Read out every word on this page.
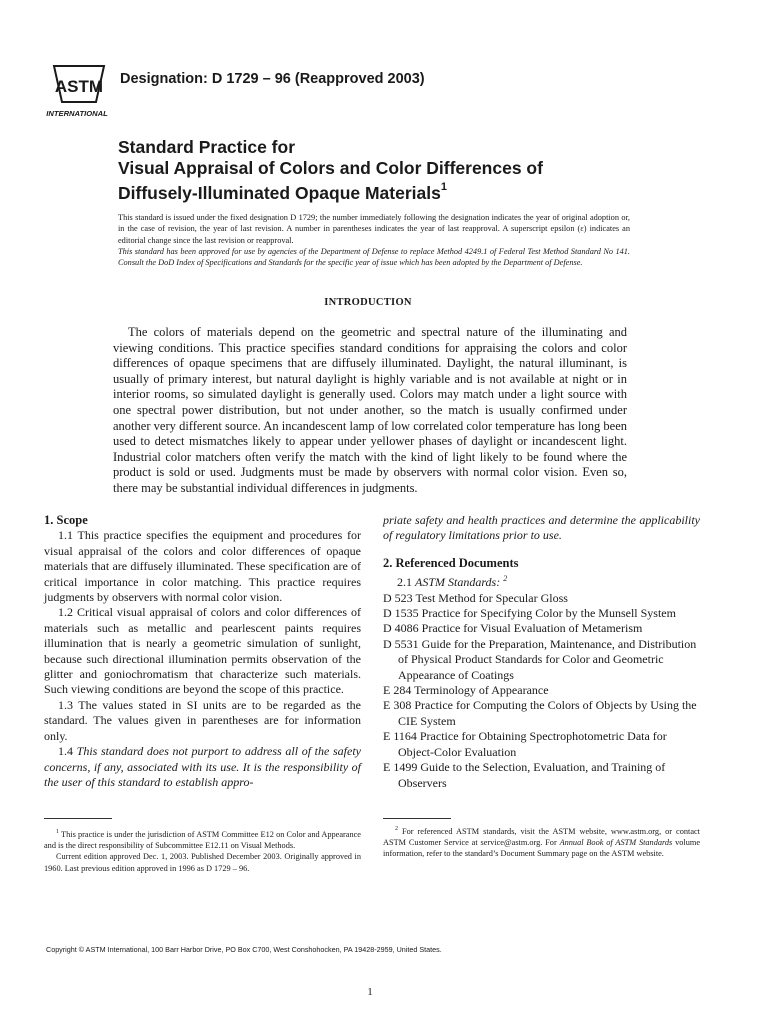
ASTM
INTERNATIONAL
Designation: D 1729 – 96 (Reapproved 2003)
Standard Practice for
Visual Appraisal of Colors and Color Differences of
Diffusely-Illuminated Opaque Materials$^1$

This standard is issued under the fixed designation D 1729; the number immediately following the designation indicates the year of original adoption or, in the case of revision, the year of last revision. A number in parentheses indicates the year of last reapproval. A superscript epsilon (ε) indicates an editorial change since the last revision or reapproval.

This standard has been approved for use by agencies of the Department of Defense to replace Method 4249.1 of Federal Test Method Standard No 141. Consult the DoD Index of Specifications and Standards for the specific year of issue which has been adopted by the Department of Defense.

INTRODUCTION

The colors of materials depend on the geometric and spectral nature of the illuminating and viewing conditions. This practice specifies standard conditions for appraising the colors and color differences of opaque specimens that are diffusely illuminated. Daylight, the natural illuminant, is usually of primary interest, but natural daylight is highly variable and is not available at night or in interior rooms, so simulated daylight is generally used. Colors may match under a light source with one spectral power distribution, but not under another, so the match is usually confirmed under another very different source. An incandescent lamp of low correlated color temperature has long been used to detect mismatches likely to appear under yellower phases of daylight or incandescent light. Industrial color matchers often verify the match with the kind of light likely to be found where the product is sold or used. Judgments must be made by observers with normal color vision. Even so, there may be substantial individual differences in judgments.

1. Scope

1.1 This practice specifies the equipment and procedures for visual appraisal of the colors and color differences of opaque materials that are diffusely illuminated. These specification are of critical importance in color matching. This practice requires judgments by observers with normal color vision.

1.2 Critical visual appraisal of colors and color differences of materials such as metallic and pearlescent paints requires illumination that is nearly a geometric simulation of sunlight, because such directional illumination permits observation of the glitter and goniochromatism that characterize such materials. Such viewing conditions are beyond the scope of this practice.

1.3 The values stated in SI units are to be regarded as the standard. The values given in parentheses are for information only.

1.4 This standard does not purport to address all of the safety concerns, if any, associated with its use. It is the responsibility of the user of this standard to establish appro-

priate safety and health practices and determine the applicability of regulatory limitations prior to use.

2. Referenced Documents

2.1 ASTM Standards: $^2$

D 523 Test Method for Specular Gloss

D 1535 Practice for Specifying Color by the Munsell System

D 4086 Practice for Visual Evaluation of Metamerism

D 5531 Guide for the Preparation, Maintenance, and Distribution of Physical Product Standards for Color and Geometric Appearance of Coatings

E 284 Terminology of Appearance

E 308 Practice for Computing the Colors of Objects by Using the CIE System

E 1164 Practice for Obtaining Spectrophotometric Data for Object-Color Evaluation

E 1499 Guide to the Selection, Evaluation, and Training of Observers

$^1$ This practice is under the jurisdiction of ASTM Committee E12 on Color and Appearance and is the direct responsibility of Subcommittee E12.11 on Visual Methods.

Current edition approved Dec. 1, 2003. Published December 2003. Originally approved in 1960. Last previous edition approved in 1996 as D 1729 – 96.

$^2$ For referenced ASTM standards, visit the ASTM website, www.astm.org, or contact ASTM Customer Service at service@astm.org. For Annual Book of ASTM Standards volume information, refer to the standard’s Document Summary page on the ASTM website.

Copyright © ASTM International, 100 Barr Harbor Drive, PO Box C700, West Conshohocken, PA 19428-2959, United States.
1
